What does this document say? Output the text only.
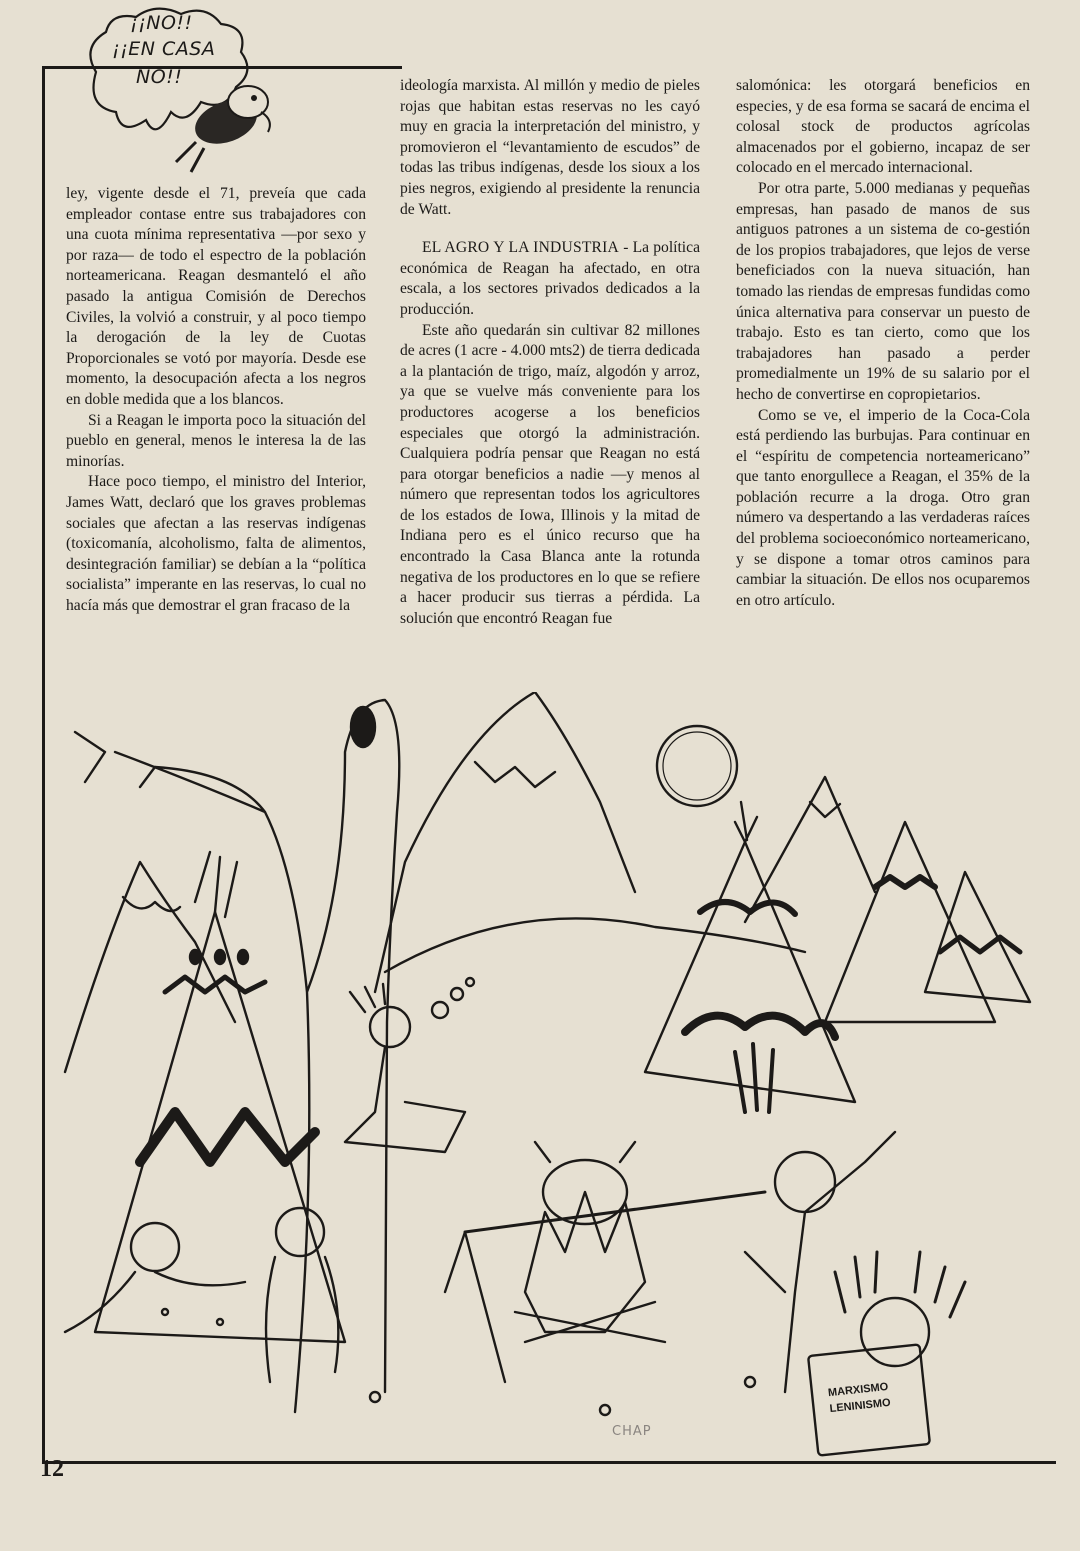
¡¡NO!!
¡¡EN CASA
NO!!

ley, vigente desde el 71, preveía que cada empleador contase entre sus trabajadores con una cuota mínima representativa —por sexo y por raza— de todo el espectro de la población norteamericana. Reagan desmanteló el año pasado la antigua Comisión de Derechos Civiles, la volvió a construir, y al poco tiempo la derogación de la ley de Cuotas Proporcionales se votó por mayoría. Desde ese momento, la desocupación afecta a los negros en doble medida que a los blancos.

Si a Reagan le importa poco la situación del pueblo en general, menos le interesa la de las minorías.

Hace poco tiempo, el ministro del Interior, James Watt, declaró que los graves problemas sociales que afectan a las reservas indígenas (toxicomanía, alcoholismo, falta de alimentos, desintegración familiar) se debían a la “política socialista” imperante en las reservas, lo cual no hacía más que demostrar el gran fracaso de la

ideología marxista. Al millón y medio de pieles rojas que habitan estas reservas no les cayó muy en gracia la interpretación del ministro, y promovieron el “levantamiento de escudos” de todas las tribus indígenas, desde los sioux a los pies negros, exigiendo al presidente la renuncia de Watt.

EL AGRO Y LA INDUSTRIA - La política económica de Reagan ha afectado, en otra escala, a los sectores privados dedicados a la producción.

Este año quedarán sin cultivar 82 millones de acres (1 acre - 4.000 mts2) de tierra dedicada a la plantación de trigo, maíz, algodón y arroz, ya que se vuelve más conveniente para los productores acogerse a los beneficios especiales que otorgó la administración. Cualquiera podría pensar que Reagan no está para otorgar beneficios a nadie —y menos al número que representan todos los agricultores de los estados de Iowa, Illinois y la mitad de Indiana pero es el único recurso que ha encontrado la Casa Blanca ante la rotunda negativa de los productores en lo que se refiere a hacer producir sus tierras a pérdida. La solución que encontró Reagan fue

salomónica: les otorgará beneficios en especies, y de esa forma se sacará de encima el colosal stock de productos agrícolas almacenados por el gobierno, incapaz de ser colocado en el mercado internacional.

Por otra parte, 5.000 medianas y pequeñas empresas, han pasado de manos de sus antiguos patrones a un sistema de co-gestión de los propios trabajadores, que lejos de verse beneficiados con la nueva situación, han tomado las riendas de empresas fundidas como única alternativa para conservar un puesto de trabajo. Esto es tan cierto, como que los trabajadores han pasado a perder promedialmente un 19% de su salario por el hecho de convertirse en copropietarios.

Como se ve, el imperio de la Coca-Cola está perdiendo las burbujas. Para continuar en el “espíritu de competencia norteamericano” que tanto enorgullece a Reagan, el 35% de la población recurre a la droga. Otro gran número va despertando a las verdaderas raíces del problema socioeconómico norteamericano, y se dispone a tomar otros caminos para cambiar la situación. De ellos nos ocuparemos en otro artículo.

MARXISMO
LENINISMO
CHAP
12
